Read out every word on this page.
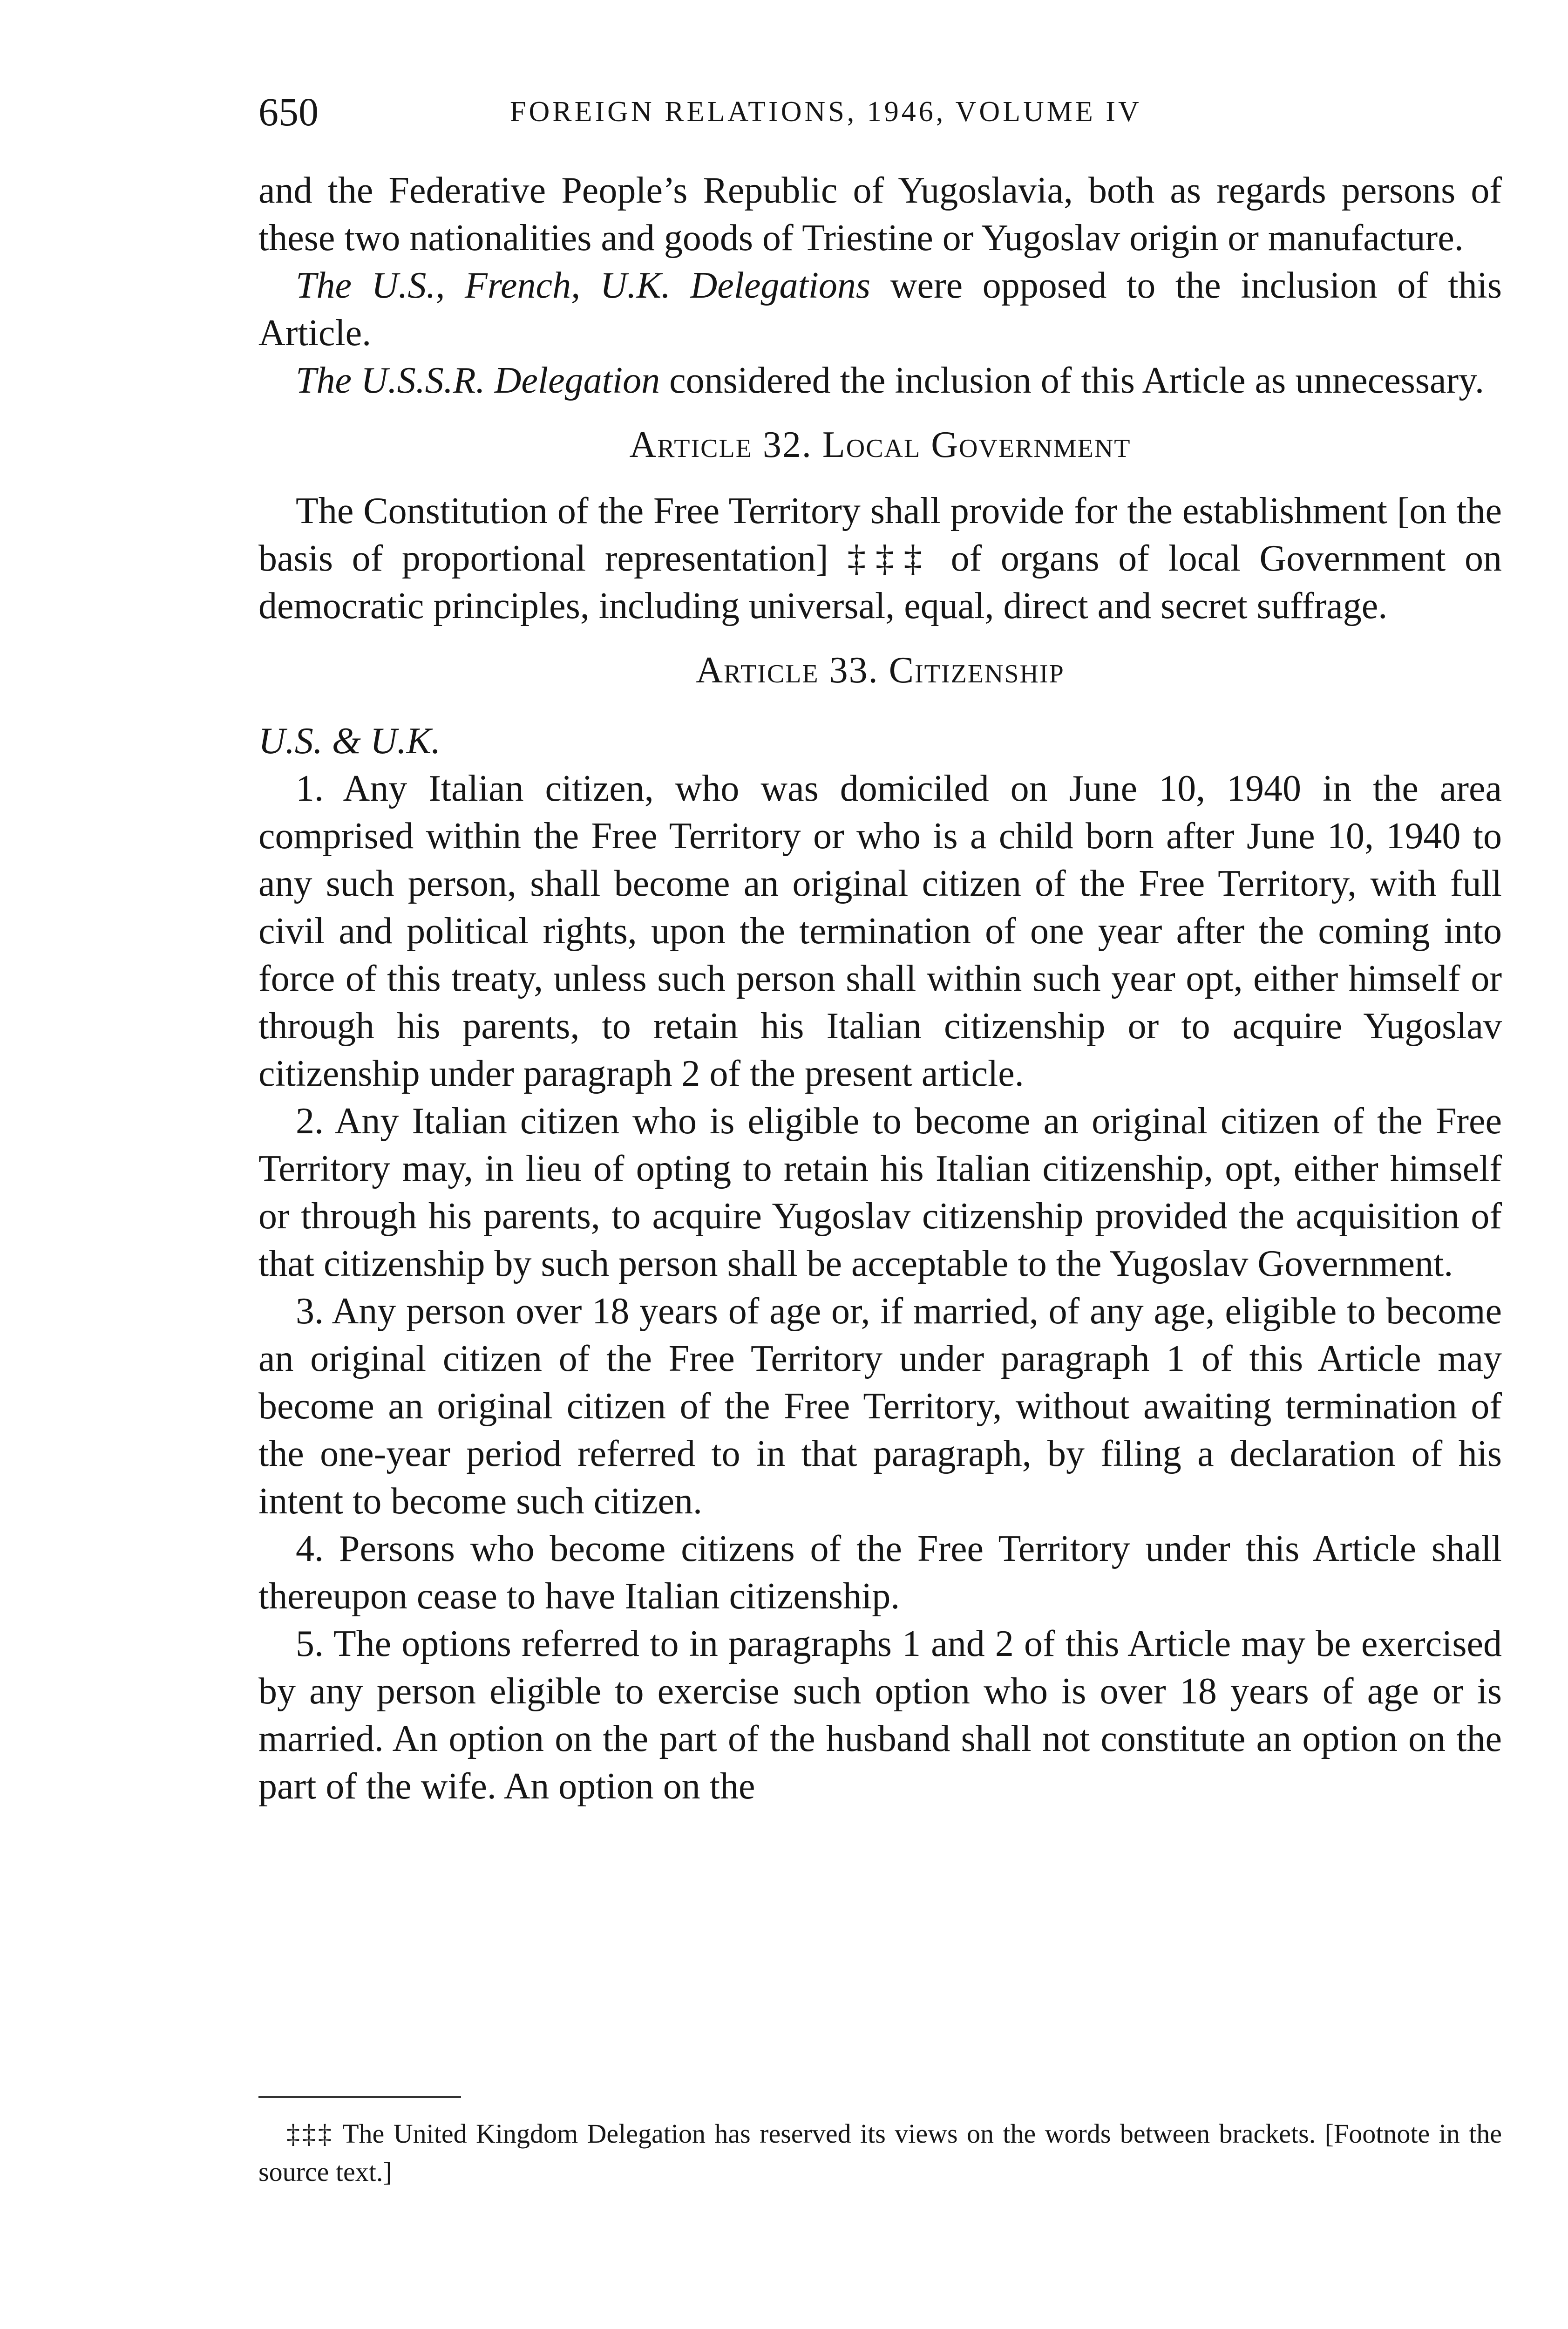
650	FOREIGN RELATIONS, 1946, VOLUME IV

and the Federative People’s Republic of Yugoslavia, both as regards persons of these two nationalities and goods of Triestine or Yugoslav origin or manufacture.

The U.S., French, U.K. Delegations were opposed to the inclusion of this Article.

The U.S.S.R. Delegation considered the inclusion of this Article as unnecessary.

Article 32. Local Government

The Constitution of the Free Territory shall provide for the establishment [on the basis of proportional representation] ‡‡‡ of organs of local Government on democratic principles, including universal, equal, direct and secret suffrage.

Article 33. Citizenship

U.S. & U.K.

1. Any Italian citizen, who was domiciled on June 10, 1940 in the area comprised within the Free Territory or who is a child born after June 10, 1940 to any such person, shall become an original citizen of the Free Territory, with full civil and political rights, upon the termination of one year after the coming into force of this treaty, unless such person shall within such year opt, either himself or through his parents, to retain his Italian citizenship or to acquire Yugoslav citizenship under paragraph 2 of the present article.

2. Any Italian citizen who is eligible to become an original citizen of the Free Territory may, in lieu of opting to retain his Italian citizenship, opt, either himself or through his parents, to acquire Yugoslav citizenship provided the acquisition of that citizenship by such person shall be acceptable to the Yugoslav Government.

3. Any person over 18 years of age or, if married, of any age, eligible to become an original citizen of the Free Territory under paragraph 1 of this Article may become an original citizen of the Free Territory, without awaiting termination of the one-year period referred to in that paragraph, by filing a declaration of his intent to become such citizen.

4. Persons who become citizens of the Free Territory under this Article shall thereupon cease to have Italian citizenship.

5. The options referred to in paragraphs 1 and 2 of this Article may be exercised by any person eligible to exercise such option who is over 18 years of age or is married. An option on the part of the husband shall not constitute an option on the part of the wife. An option on the

‡‡‡ The United Kingdom Delegation has reserved its views on the words between brackets. [Footnote in the source text.]
